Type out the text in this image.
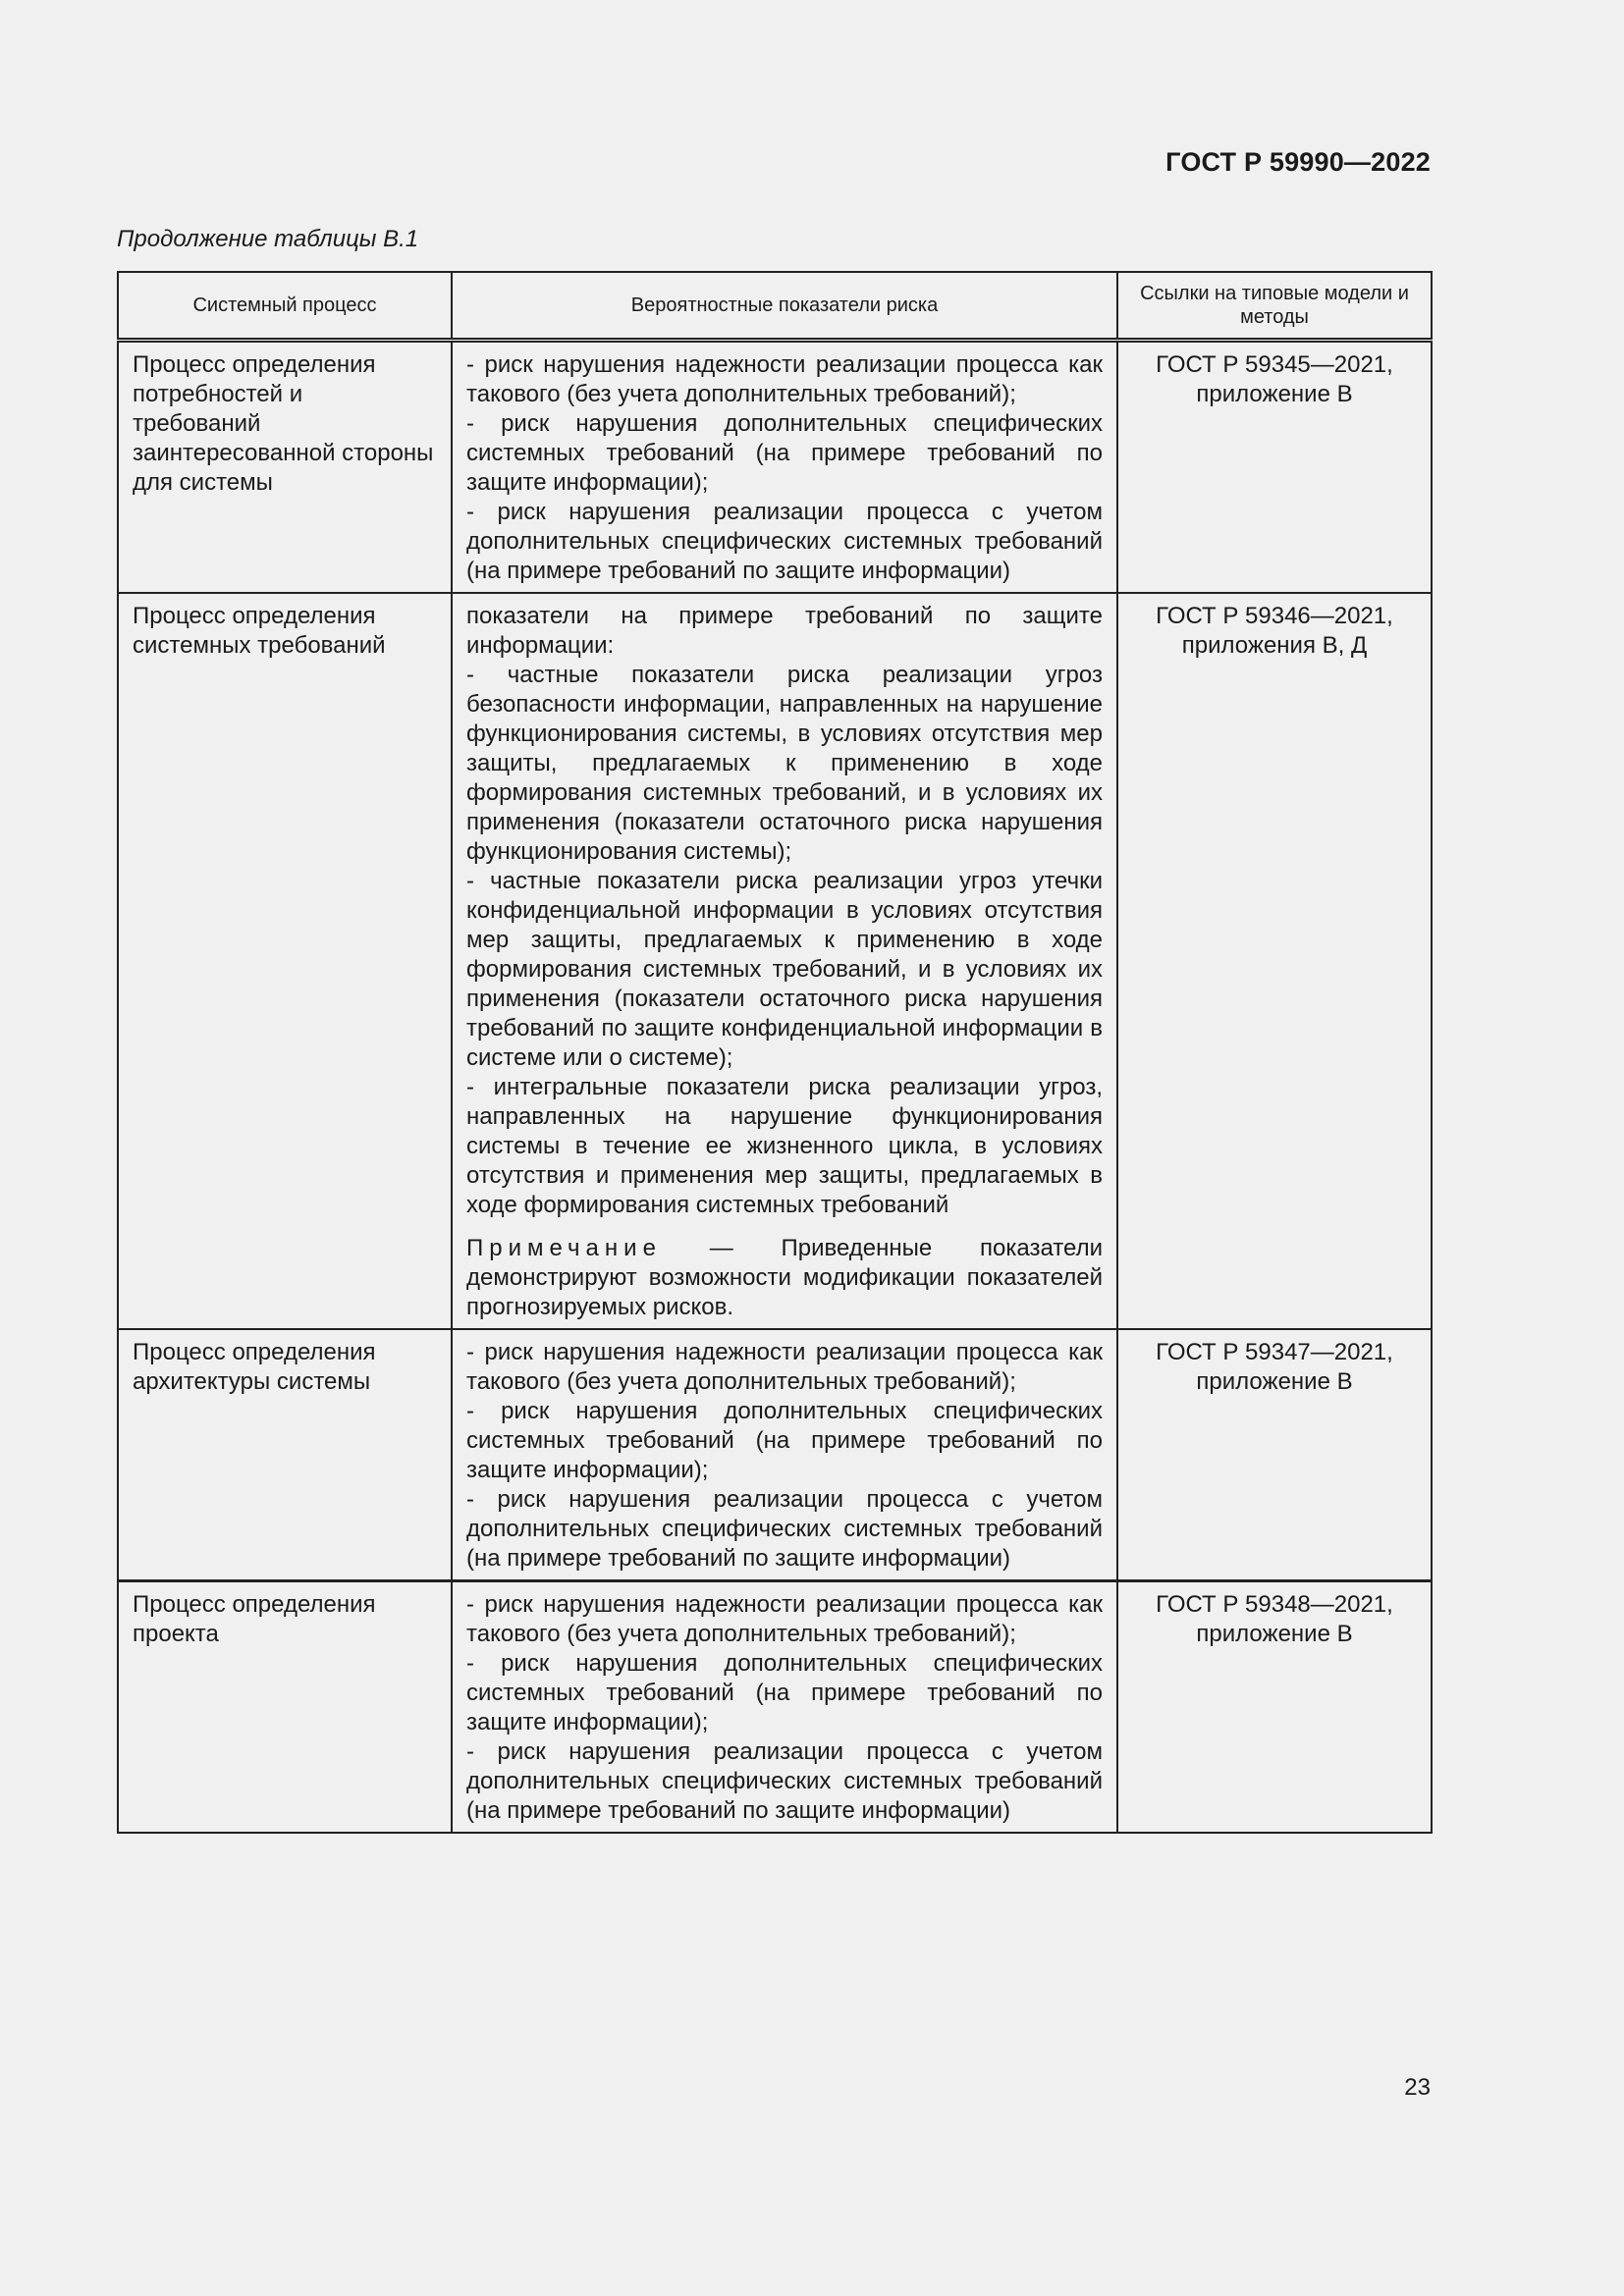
ГОСТ Р 59990—2022
Продолжение таблицы В.1
Системный процесс	Вероятностные показатели риска	Ссылки на типовые модели и методы
Процесс определения потребностей и требований заинтересованной стороны для системы	- риск нарушения надежности реализации процесса как такового (без учета дополнительных требований);
- риск нарушения дополнительных специфических системных требований (на примере требований по защите информации);
- риск нарушения реализации процесса с учетом дополнительных специфических системных требований (на примере требований по защите информации)	ГОСТ Р 59345—2021, приложение В
Процесс определения системных требований	показатели на примере требований по защите информации:
- частные показатели риска реализации угроз безопасности информации, направленных на нарушение функционирования системы, в условиях отсутствия мер защиты, предлагаемых к применению в ходе формирования системных требований, и в условиях их применения (показатели остаточного риска нарушения функционирования системы);
- частные показатели риска реализации угроз утечки конфиденциальной информации в условиях отсутствия мер защиты, предлагаемых к применению в ходе формирования системных требований, и в условиях их применения (показатели остаточного риска нарушения требований по защите конфиденциальной информации в системе или о системе);
- интегральные показатели риска реализации угроз, направленных на нарушение функционирования системы в течение ее жизненного цикла, в условиях отсутствия и применения мер защиты, предлагаемых в ходе формирования системных требований
Примечание — Приведенные показатели демонстрируют возможности модификации показателей прогнозируемых рисков.	ГОСТ Р 59346—2021, приложения В, Д
Процесс определения архитектуры системы	- риск нарушения надежности реализации процесса как такового (без учета дополнительных требований);
- риск нарушения дополнительных специфических системных требований (на примере требований по защите информации);
- риск нарушения реализации процесса с учетом дополнительных специфических системных требований (на примере требований по защите информации)	ГОСТ Р 59347—2021, приложение В
Процесс определения проекта	- риск нарушения надежности реализации процесса как такового (без учета дополнительных требований);
- риск нарушения дополнительных специфических системных требований (на примере требований по защите информации);
- риск нарушения реализации процесса с учетом дополнительных специфических системных требований (на примере требований по защите информации)	ГОСТ Р 59348—2021, приложение В
23
